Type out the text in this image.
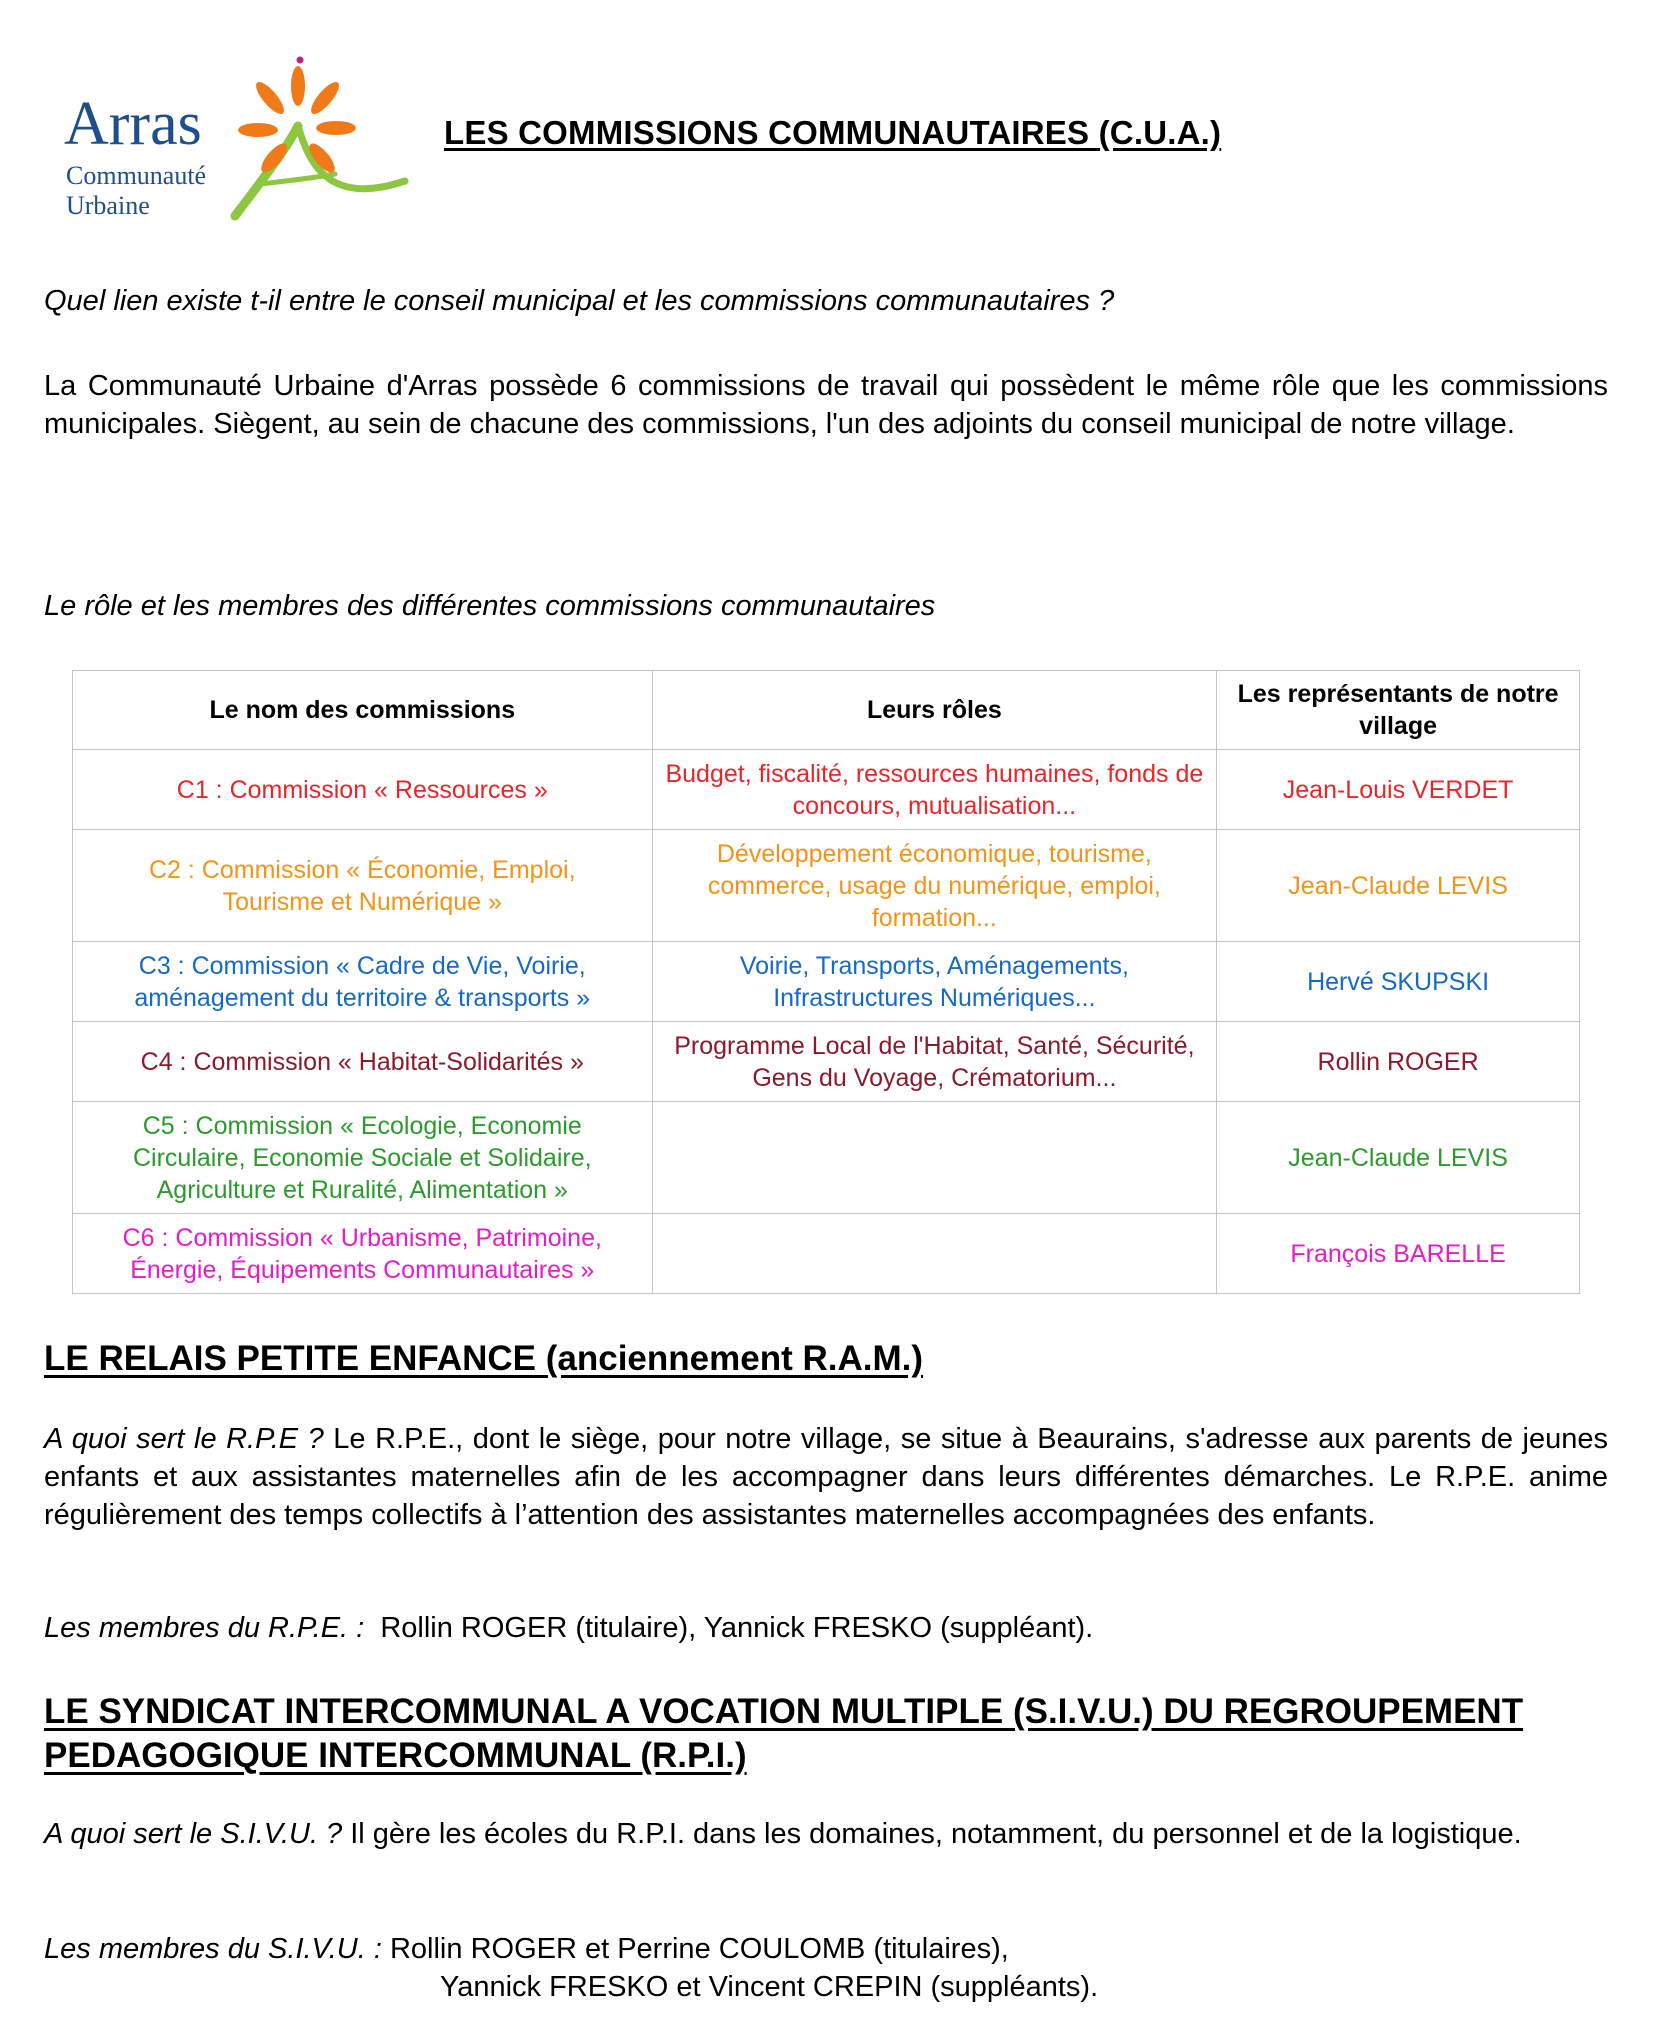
Arras
Communauté
Urbaine
LES COMMISSIONS COMMUNAUTAIRES (C.U.A.)
Quel lien existe t-il entre le conseil municipal et les commissions communautaires ?

La Communauté Urbaine d'Arras possède 6 commissions de travail qui possèdent le même rôle que les commissions municipales. Siègent, au sein de chacune des commissions, l'un des adjoints du conseil municipal de notre village.

Le rôle et les membres des différentes commissions communautaires
Le nom des commissions	Leurs rôles	Les représentants de notre village
C1 : Commission « Ressources »	Budget, fiscalité, ressources humaines, fonds de concours, mutualisation...	Jean-Louis VERDET
C2 : Commission « Économie, Emploi, Tourisme et Numérique »	Développement économique, tourisme, commerce, usage du numérique, emploi, formation...	Jean-Claude LEVIS
C3 : Commission « Cadre de Vie, Voirie, aménagement du territoire & transports »	Voirie, Transports, Aménagements, Infrastructures Numériques...	Hervé SKUPSKI
C4 : Commission « Habitat-Solidarités »	Programme Local de l'Habitat, Santé, Sécurité, Gens du Voyage, Crématorium...	Rollin ROGER
C5 : Commission « Ecologie, Economie Circulaire, Economie Sociale et Solidaire, Agriculture et Ruralité, Alimentation »		Jean-Claude LEVIS
C6 : Commission « Urbanisme, Patrimoine, Énergie, Équipements Communautaires »		François BARELLE
LE RELAIS PETITE ENFANCE (anciennement R.A.M.)

A quoi sert le R.P.E ? Le R.P.E., dont le siège, pour notre village, se situe à Beaurains, s'adresse aux parents de jeunes enfants et aux assistantes maternelles afin de les accompagner dans leurs différentes démarches. Le R.P.E. anime régulièrement des temps collectifs à l’attention des assistantes maternelles accompagnées des enfants.

Les membres du R.P.E. :  Rollin ROGER (titulaire), Yannick FRESKO (suppléant).
LE SYNDICAT INTERCOMMUNAL A VOCATION MULTIPLE (S.I.V.U.) DU REGROUPEMENT PEDAGOGIQUE INTERCOMMUNAL (R.P.I.)

A quoi sert le S.I.V.U. ? Il gère les écoles du R.P.I. dans les domaines, notamment, du personnel et de la logistique.

Les membres du S.I.V.U. : Rollin ROGER et Perrine COULOMB (titulaires),
Yannick FRESKO et Vincent CREPIN (suppléants).
